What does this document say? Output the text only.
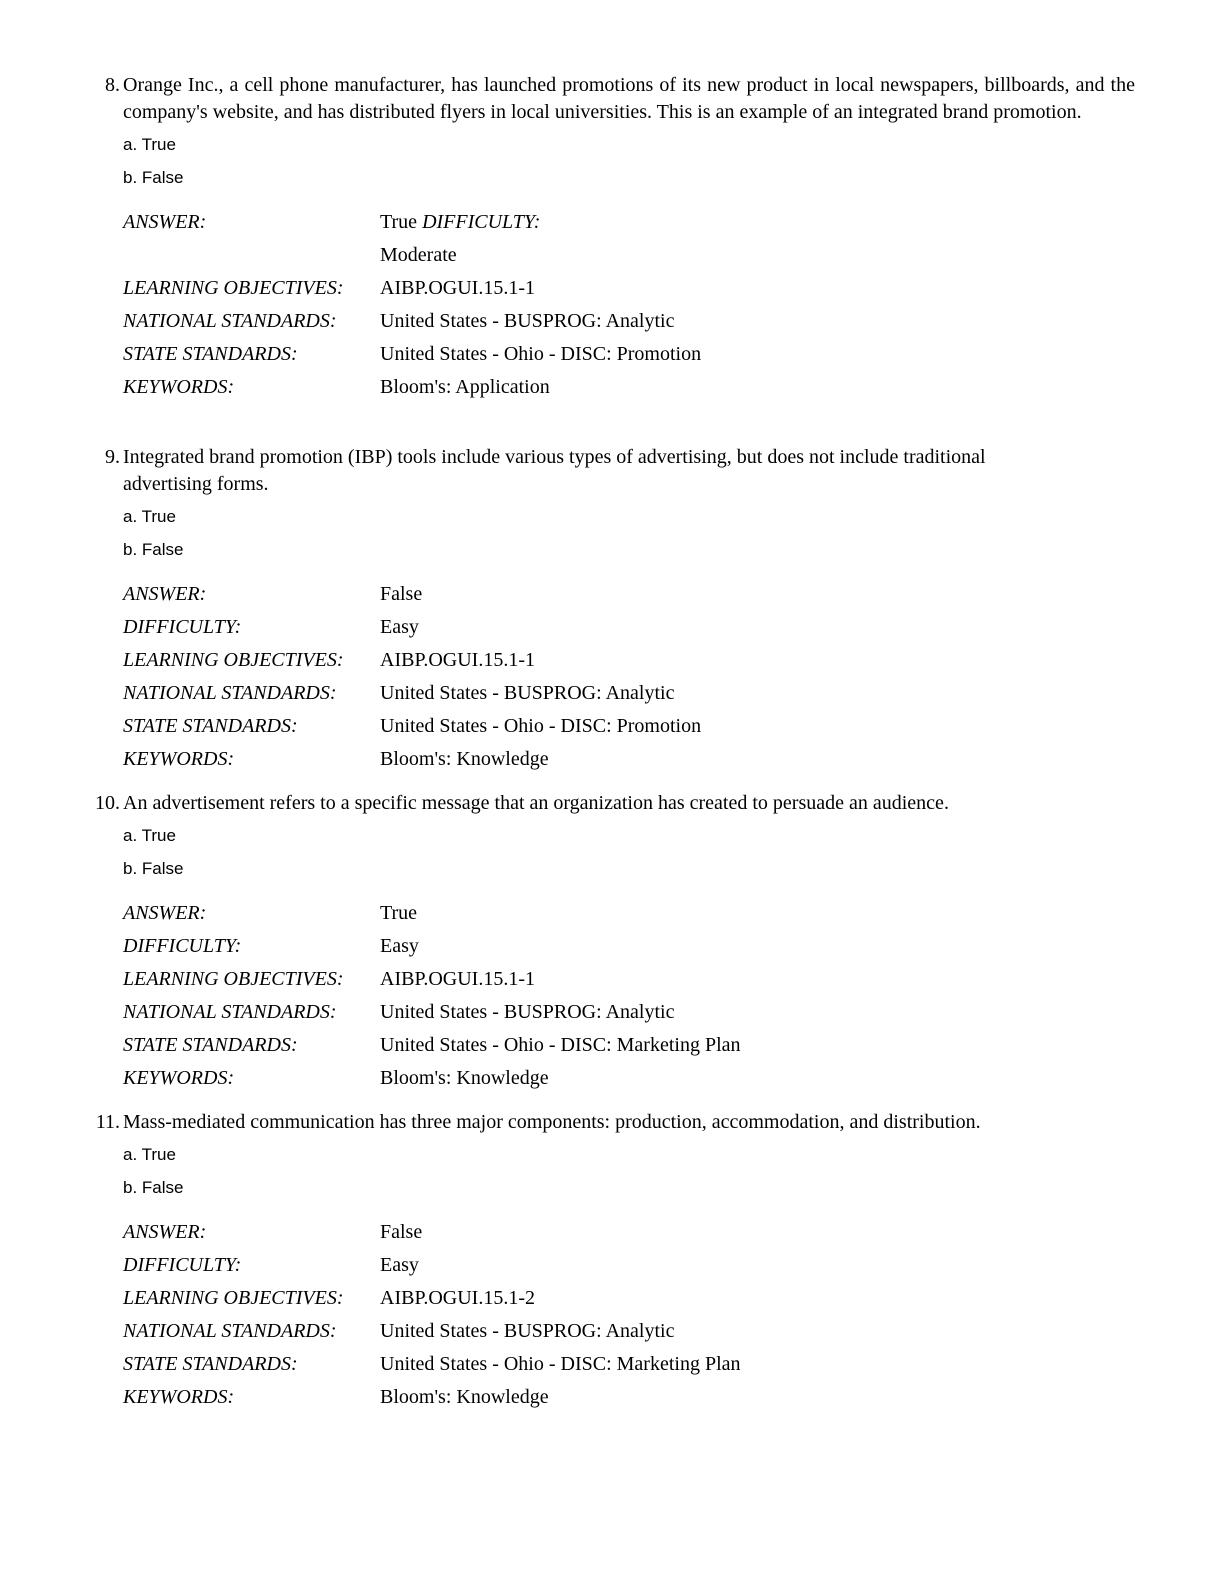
8. Orange Inc., a cell phone manufacturer, has launched promotions of its new product in local newspapers, billboards, and the company's website, and has distributed flyers in local universities. This is an example of an integrated brand promotion.
a. True
b. False
ANSWER:	True DIFFICULTY:
Moderate
LEARNING OBJECTIVES:	AIBP.OGUI.15.1-1
NATIONAL STANDARDS:	United States - BUSPROG: Analytic
STATE STANDARDS:	United States - Ohio - DISC: Promotion
KEYWORDS:	Bloom's: Application
9. Integrated brand promotion (IBP) tools include various types of advertising, but does not include traditional advertising forms.
a. True
b. False
ANSWER:	False
DIFFICULTY:	Easy
LEARNING OBJECTIVES:	AIBP.OGUI.15.1-1
NATIONAL STANDARDS:	United States - BUSPROG: Analytic
STATE STANDARDS:	United States - Ohio - DISC: Promotion
KEYWORDS:	Bloom's: Knowledge
10. An advertisement refers to a specific message that an organization has created to persuade an audience.
a. True
b. False
ANSWER:	True
DIFFICULTY:	Easy
LEARNING OBJECTIVES:	AIBP.OGUI.15.1-1
NATIONAL STANDARDS:	United States - BUSPROG: Analytic
STATE STANDARDS:	United States - Ohio - DISC: Marketing Plan
KEYWORDS:	Bloom's: Knowledge
11. Mass-mediated communication has three major components: production, accommodation, and distribution.
a. True
b. False
ANSWER:	False
DIFFICULTY:	Easy
LEARNING OBJECTIVES:	AIBP.OGUI.15.1-2
NATIONAL STANDARDS:	United States - BUSPROG: Analytic
STATE STANDARDS:	United States - Ohio - DISC: Marketing Plan
KEYWORDS:	Bloom's: Knowledge
